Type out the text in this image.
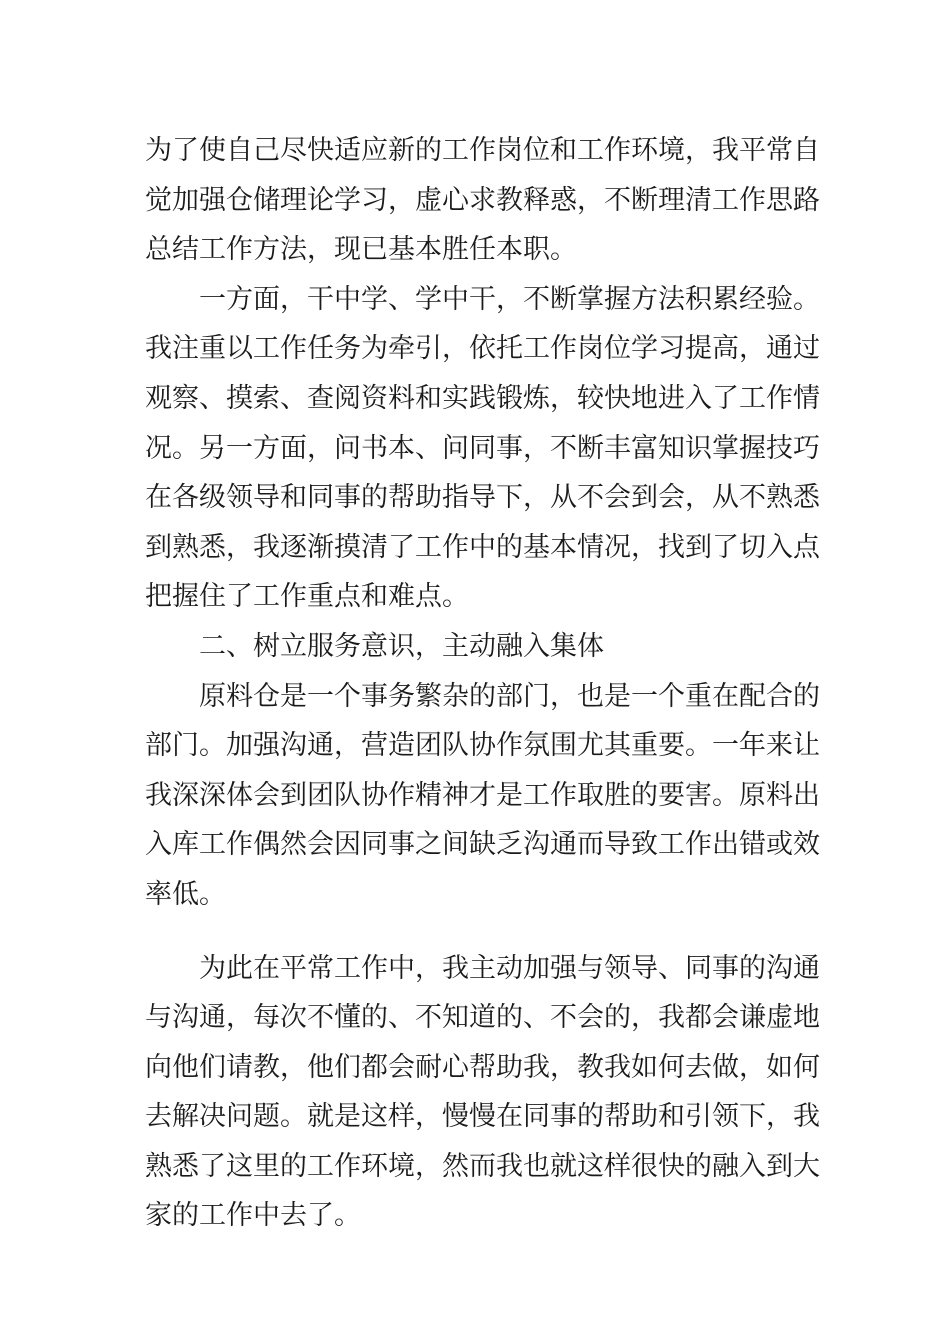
为了使自己尽快适应新的工作岗位和工作环境，我平常自
觉加强仓储理论学习，虚心求教释惑，不断理清工作思路
总结工作方法，现已基本胜任本职。
一方面，干中学、学中干，不断掌握方法积累经验。
我注重以工作任务为牵引，依托工作岗位学习提高，通过
观察、摸索、查阅资料和实践锻炼，较快地进入了工作情
况。另一方面，问书本、问同事，不断丰富知识掌握技巧
在各级领导和同事的帮助指导下，从不会到会，从不熟悉
到熟悉，我逐渐摸清了工作中的基本情况，找到了切入点
把握住了工作重点和难点。
二、树立服务意识，主动融入集体
原料仓是一个事务繁杂的部门，也是一个重在配合的
部门。加强沟通，营造团队协作氛围尤其重要。一年来让
我深深体会到团队协作精神才是工作取胜的要害。原料出
入库工作偶然会因同事之间缺乏沟通而导致工作出错或效
率低。
为此在平常工作中，我主动加强与领导、同事的沟通
与沟通，每次不懂的、不知道的、不会的，我都会谦虚地
向他们请教，他们都会耐心帮助我，教我如何去做，如何
去解决问题。就是这样，慢慢在同事的帮助和引领下，我
熟悉了这里的工作环境，然而我也就这样很快的融入到大
家的工作中去了。
